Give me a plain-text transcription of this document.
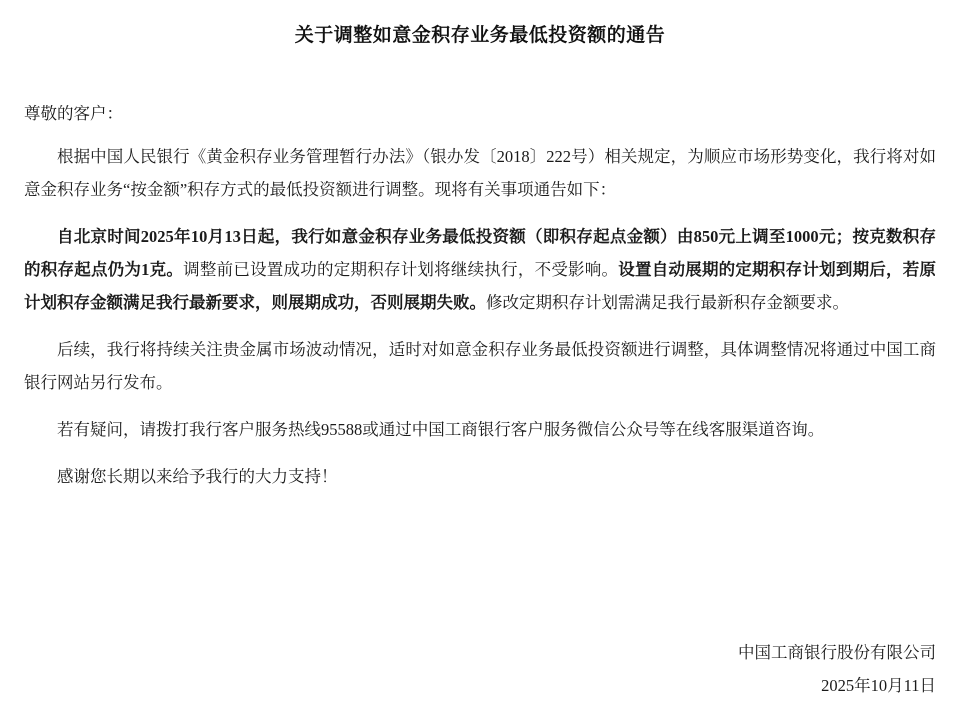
关于调整如意金积存业务最低投资额的通告

尊敬的客户：

根据中国人民银行《黄金积存业务管理暂行办法》（银办发〔2018〕222号）相关规定，为顺应市场形势变化，我行将对如意金积存业务“按金额”积存方式的最低投资额进行调整。现将有关事项通告如下：

自北京时间2025年10月13日起，我行如意金积存业务最低投资额（即积存起点金额）由850元上调至1000元；按克数积存的积存起点仍为1克。调整前已设置成功的定期积存计划将继续执行，不受影响。设置自动展期的定期积存计划到期后，若原计划积存金额满足我行最新要求，则展期成功，否则展期失败。修改定期积存计划需满足我行最新积存金额要求。

后续，我行将持续关注贵金属市场波动情况，适时对如意金积存业务最低投资额进行调整，具体调整情况将通过中国工商银行网站另行发布。

若有疑问，请拨打我行客户服务热线95588或通过中国工商银行客户服务微信公众号等在线客服渠道咨询。

感谢您长期以来给予我行的大力支持！

中国工商银行股份有限公司
2025年10月11日
